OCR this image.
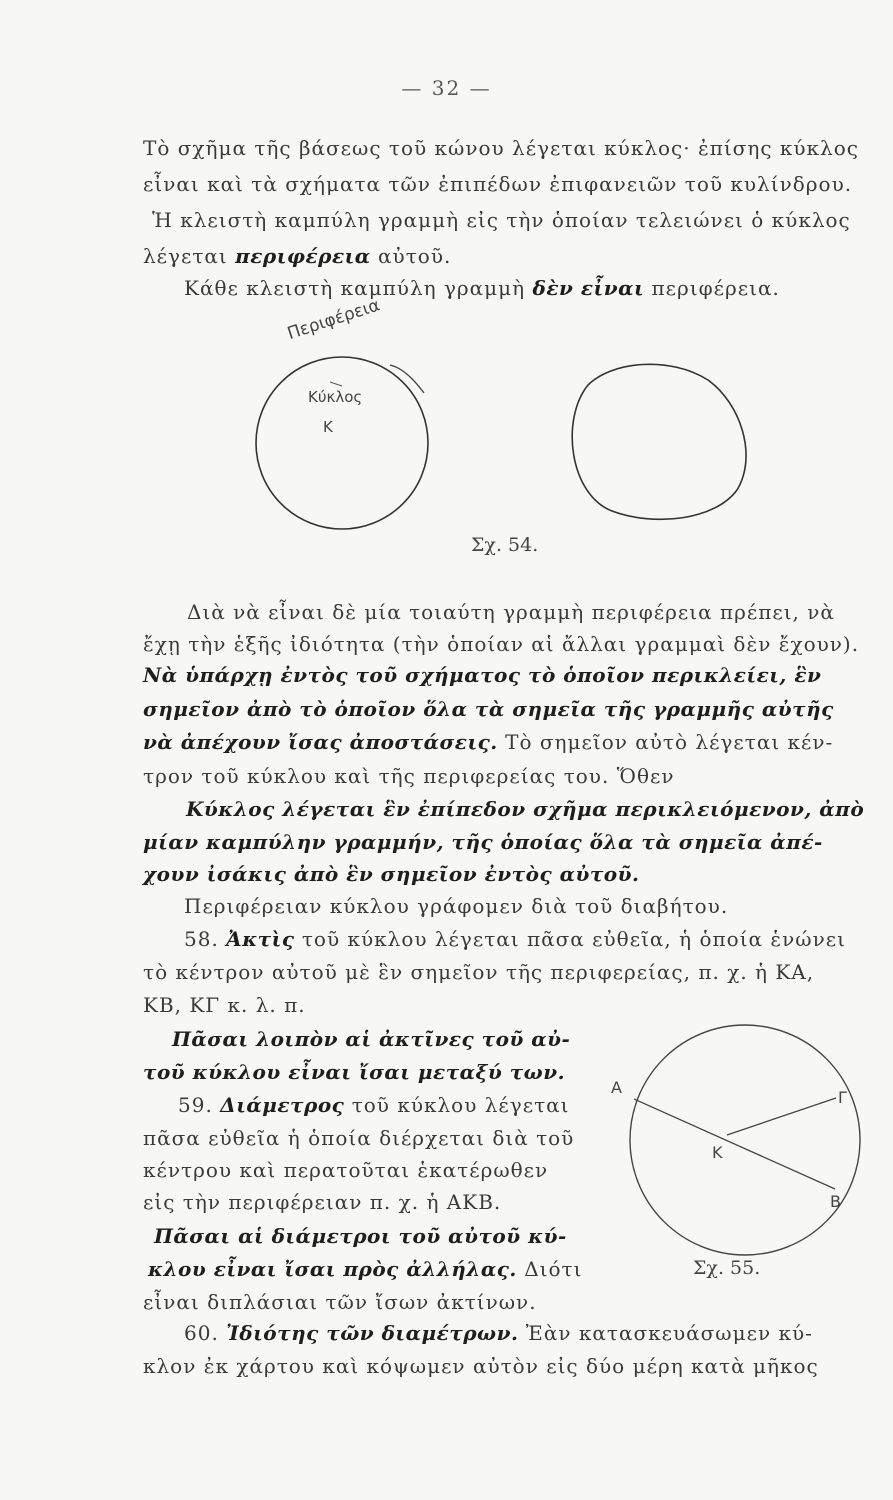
— 32 —
Τὸ σχῆμα τῆς βάσεως τοῦ κώνου λέγεται κύκλος· ἐπίσης κύκλος
εἶναι καὶ τὰ σχήματα τῶν ἐπιπέδων ἐπιφανειῶν τοῦ κυλίνδρου.
Ἡ κλειστὴ καμπύλη γραμμὴ εἰς τὴν ὁποίαν τελειώνει ὁ κύκλος
λέγεται περιφέρεια αὐτοῦ.
Κάθε κλειστὴ καμπύλη γραμμὴ δὲν εἶναι περιφέρεια.
Περιφέρεια
Κύκλος
Κ
Σχ. 54.
Διὰ νὰ εἶναι δὲ μία τοιαύτη γραμμὴ περιφέρεια πρέπει, νὰ
ἔχῃ τὴν ἑξῆς ἰδιότητα (τὴν ὁποίαν αἱ ἄλλαι γραμμαὶ δὲν ἔχουν).
Νὰ ὑπάρχῃ ἐντὸς τοῦ σχήματος τὸ ὁποῖον περικλείει, ἓν
σημεῖον ἀπὸ τὸ ὁποῖον ὅλα τὰ σημεῖα τῆς γραμμῆς αὐτῆς
νὰ ἀπέχουν ἴσας ἀποστάσεις. Τὸ σημεῖον αὐτὸ λέγεται κέν-
τρον τοῦ κύκλου καὶ τῆς περιφερείας του. Ὅθεν
Κύκλος λέγεται ἓν ἐπίπεδον σχῆμα περικλειόμενον, ἀπὸ
μίαν καμπύλην γραμμήν, τῆς ὁποίας ὅλα τὰ σημεῖα ἀπέ-
χουν ἰσάκις ἀπὸ ἓν σημεῖον ἐντὸς αὐτοῦ.
Περιφέρειαν κύκλου γράφομεν διὰ τοῦ διαβήτου.
58. Ἀκτὶς τοῦ κύκλου λέγεται πᾶσα εὐθεῖα, ἡ ὁποία ἑνώνει
τὸ κέντρον αὐτοῦ μὲ ἓν σημεῖον τῆς περιφερείας, π. χ. ἡ ΚΑ,
ΚΒ, ΚΓ κ. λ. π.
Πᾶσαι λοιπὸν αἱ ἀκτῖνες τοῦ αὐ-
τοῦ κύκλου εἶναι ἴσαι μεταξύ των.
59. Διάμετρος τοῦ κύκλου λέγεται
πᾶσα εὐθεῖα ἡ ὁποία διέρχεται διὰ τοῦ
κέντρου καὶ περατοῦται ἑκατέρωθεν
εἰς τὴν περιφέρειαν π. χ. ἡ ΑΚΒ.
Πᾶσαι αἱ διάμετροι τοῦ αὐτοῦ κύ-
κλου εἶναι ἴσαι πρὸς ἀλλήλας. Διότι
εἶναι διπλάσιαι τῶν ἴσων ἀκτίνων.
Α
Γ
Κ
Β
Σχ. 55.
60. Ἰδιότης τῶν διαμέτρων. Ἐὰν κατασκευάσωμεν κύ-
κλον ἐκ χάρτου καὶ κόψωμεν αὐτὸν εἰς δύο μέρη κατὰ μῆκος
